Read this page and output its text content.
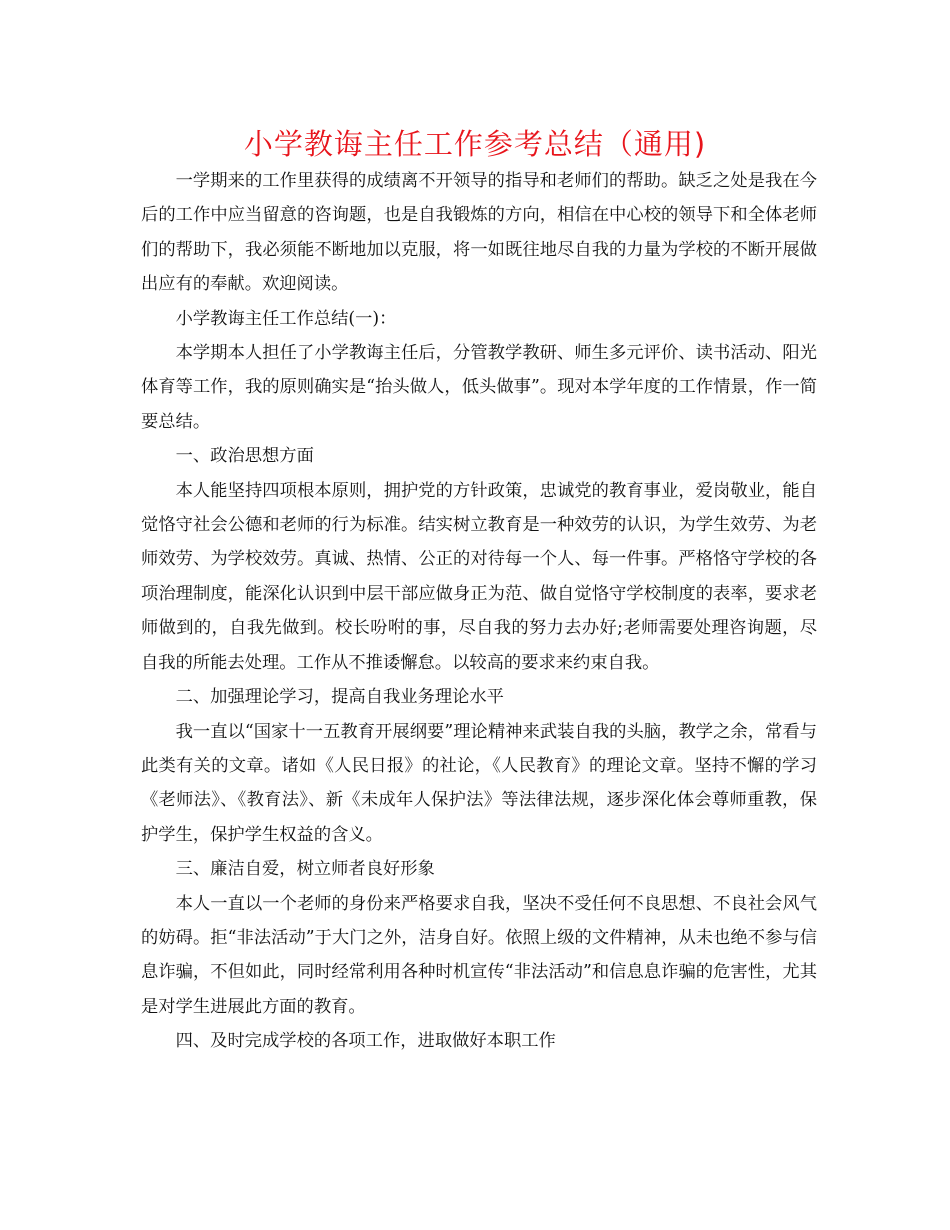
小学教诲主任工作参考总结（通用)

一学期来的工作里获得的成绩离不开领导的指导和老师们的帮助。缺乏之处是我在今后的工作中应当留意的咨询题，也是自我锻炼的方向，相信在中心校的领导下和全体老师们的帮助下，我必须能不断地加以克服，将一如既往地尽自我的力量为学校的不断开展做出应有的奉献。欢迎阅读。

小学教诲主任工作总结(一)：

本学期本人担任了小学教诲主任后，分管教学教研、师生多元评价、读书活动、阳光体育等工作，我的原则确实是“抬头做人，低头做事”。现对本学年度的工作情景，作一简要总结。

一、政治思想方面

本人能坚持四项根本原则，拥护党的方针政策，忠诚党的教育事业，爱岗敬业，能自觉恪守社会公德和老师的行为标准。结实树立教育是一种效劳的认识，为学生效劳、为老师效劳、为学校效劳。真诚、热情、公正的对待每一个人、每一件事。严格恪守学校的各项治理制度，能深化认识到中层干部应做身正为范、做自觉恪守学校制度的表率，要求老师做到的，自我先做到。校长吩咐的事，尽自我的努力去办好;老师需要处理咨询题，尽自我的所能去处理。工作从不推诿懈怠。以较高的要求来约束自我。

二、加强理论学习，提高自我业务理论水平

我一直以“国家十一五教育开展纲要”理论精神来武装自我的头脑，教学之余，常看与此类有关的文章。诸如《人民日报》的社论，《人民教育》的理论文章。坚持不懈的学习《老师法》、《教育法》、新《未成年人保护法》等法律法规，逐步深化体会尊师重教，保护学生，保护学生权益的含义。

三、廉洁自爱，树立师者良好形象

本人一直以一个老师的身份来严格要求自我，坚决不受任何不良思想、不良社会风气的妨碍。拒“非法活动”于大门之外，洁身自好。依照上级的文件精神，从未也绝不参与信息诈骗，不但如此，同时经常利用各种时机宣传“非法活动”和信息息诈骗的危害性，尤其是对学生进展此方面的教育。

四、及时完成学校的各项工作，进取做好本职工作
